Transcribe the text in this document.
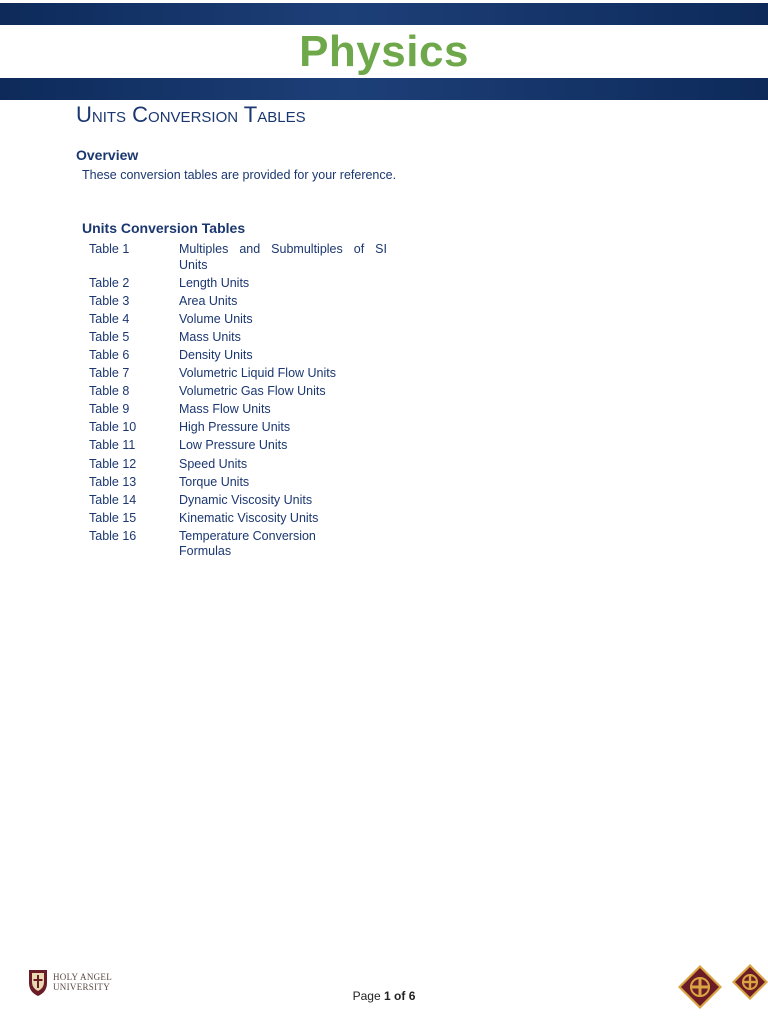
Physics
Units Conversion Tables
Overview
These conversion tables are provided for your reference.
Units Conversion Tables
Table 1	Multiples and Submultiples of SI
Units
Table 2	Length Units
Table 3	Area Units
Table 4	Volume Units
Table 5	Mass Units
Table 6	Density Units
Table 7	Volumetric Liquid Flow Units
Table 8	Volumetric Gas Flow Units
Table 9	Mass Flow Units
Table 10	High Pressure Units
Table 11	Low Pressure Units
Table 12	Speed Units
Table 13	Torque Units
Table 14	Dynamic Viscosity Units
Table 15	Kinematic Viscosity Units
Table 16	Temperature Conversion
Formulas
HOLY ANGEL
UNIVERSITY
Page 1 of 6
